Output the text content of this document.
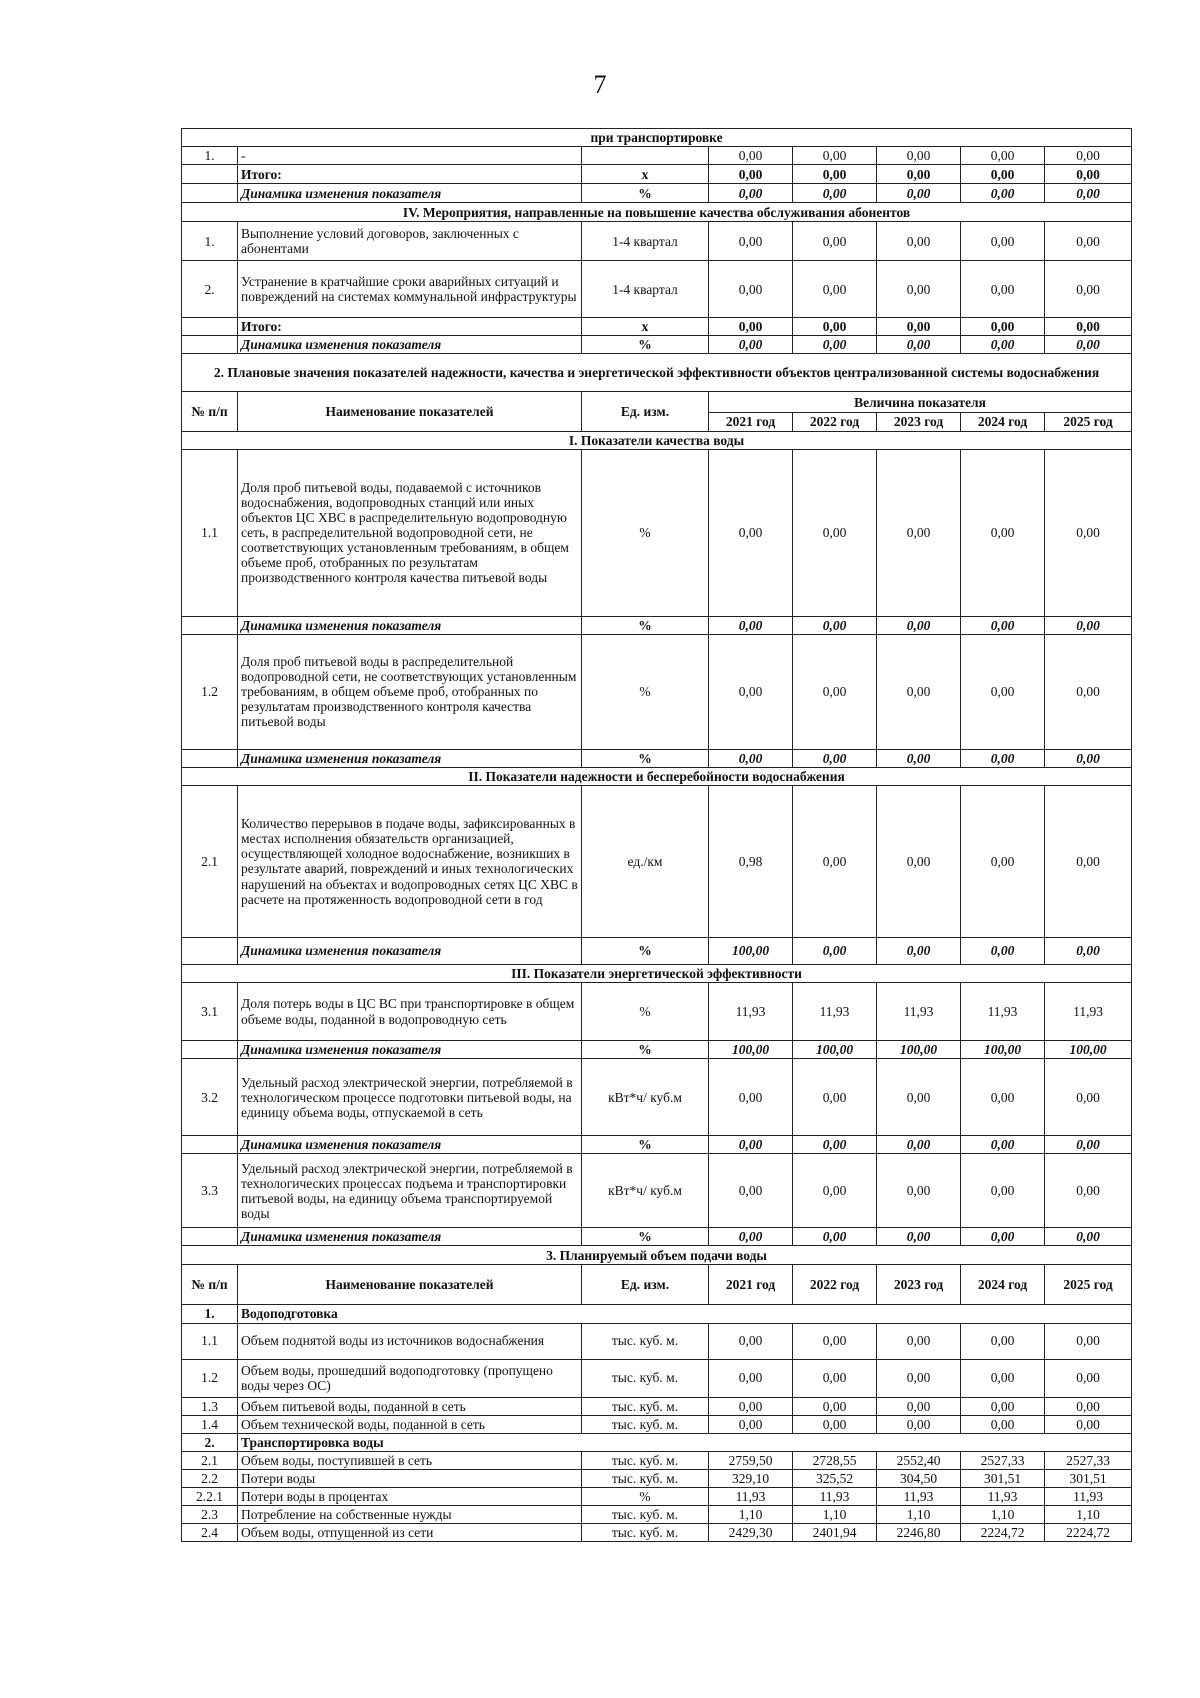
7
при транспортировке							
1.	-		0,00	0,00	0,00	0,00	0,00
	Итого:	х	0,00	0,00	0,00	0,00	0,00
	Динамика изменения показателя	%	0,00	0,00	0,00	0,00	0,00
IV. Мероприятия, направленные на повышение качества обслуживания абонентов							
1.	Выполнение условий договоров, заключенных с абонентами	1-4 квартал	0,00	0,00	0,00	0,00	0,00
2.	Устранение в кратчайшие сроки аварийных ситуаций и повреждений на системах коммунальной инфраструктуры	1-4 квартал	0,00	0,00	0,00	0,00	0,00
	Итого:	х	0,00	0,00	0,00	0,00	0,00
	Динамика изменения показателя	%	0,00	0,00	0,00	0,00	0,00
2. Плановые значения показателей надежности, качества и энергетической эффективности объектов централизованной системы водоснабжения							
№ п/п	Наименование показателей	Ед. изм.	Величина показателя				
			2021 год	2022 год	2023 год	2024 год	2025 год
I. Показатели качества воды							
1.1	Доля проб питьевой воды, подаваемой с источников водоснабжения, водопроводных станций или иных объектов ЦС ХВС в распределительную водопроводную сеть, в распределительной водопроводной сети, не соответствующих установленным требованиям, в общем объеме проб, отобранных по результатам производственного контроля качества питьевой воды	%	0,00	0,00	0,00	0,00	0,00
	Динамика изменения показателя	%	0,00	0,00	0,00	0,00	0,00
1.2	Доля проб питьевой воды в распределительной водопроводной сети, не соответствующих установленным требованиям, в общем объеме проб, отобранных по результатам производственного контроля качества питьевой воды	%	0,00	0,00	0,00	0,00	0,00
	Динамика изменения показателя	%	0,00	0,00	0,00	0,00	0,00
II. Показатели надежности и бесперебойности водоснабжения							
2.1	Количество перерывов в подаче воды, зафиксированных в местах исполнения обязательств организацией, осуществляющей холодное водоснабжение, возникших в результате аварий, повреждений и иных технологических нарушений на объектах и водопроводных сетях ЦС ХВС в расчете на протяженность водопроводной сети в год	ед./км	0,98	0,00	0,00	0,00	0,00
	Динамика изменения показателя	%	100,00	0,00	0,00	0,00	0,00
III. Показатели энергетической эффективности							
3.1	Доля потерь воды в ЦС ВС при транспортировке в общем объеме воды, поданной в водопроводную сеть	%	11,93	11,93	11,93	11,93	11,93
	Динамика изменения показателя	%	100,00	100,00	100,00	100,00	100,00
3.2	Удельный расход электрической энергии, потребляемой в технологическом процессе подготовки питьевой воды, на единицу объема воды, отпускаемой в сеть	кВт*ч/ куб.м	0,00	0,00	0,00	0,00	0,00
	Динамика изменения показателя	%	0,00	0,00	0,00	0,00	0,00
3.3	Удельный расход электрической энергии, потребляемой в технологических процессах подъема и транспортировки питьевой воды, на единицу объема транспортируемой воды	кВт*ч/ куб.м	0,00	0,00	0,00	0,00	0,00
	Динамика изменения показателя	%	0,00	0,00	0,00	0,00	0,00
3. Планируемый объем подачи воды							
№ п/п	Наименование показателей	Ед. изм.	2021 год	2022 год	2023 год	2024 год	2025 год
1.	Водоподготовка						
1.1	Объем поднятой воды из источников водоснабжения	тыс. куб. м.	0,00	0,00	0,00	0,00	0,00
1.2	Объем воды, прошедший водоподготовку (пропущено воды через ОС)	тыс. куб. м.	0,00	0,00	0,00	0,00	0,00
1.3	Объем питьевой воды, поданной в сеть	тыс. куб. м.	0,00	0,00	0,00	0,00	0,00
1.4	Объем технической воды, поданной в сеть	тыс. куб. м.	0,00	0,00	0,00	0,00	0,00
2.	Транспортировка воды						
2.1	Объем воды, поступившей в сеть	тыс. куб. м.	2759,50	2728,55	2552,40	2527,33	2527,33
2.2	Потери воды	тыс. куб. м.	329,10	325,52	304,50	301,51	301,51
2.2.1	Потери воды в процентах	%	11,93	11,93	11,93	11,93	11,93
2.3	Потребление на собственные нужды	тыс. куб. м.	1,10	1,10	1,10	1,10	1,10
2.4	Объем воды, отпущенной из сети	тыс. куб. м.	2429,30	2401,94	2246,80	2224,72	2224,72
